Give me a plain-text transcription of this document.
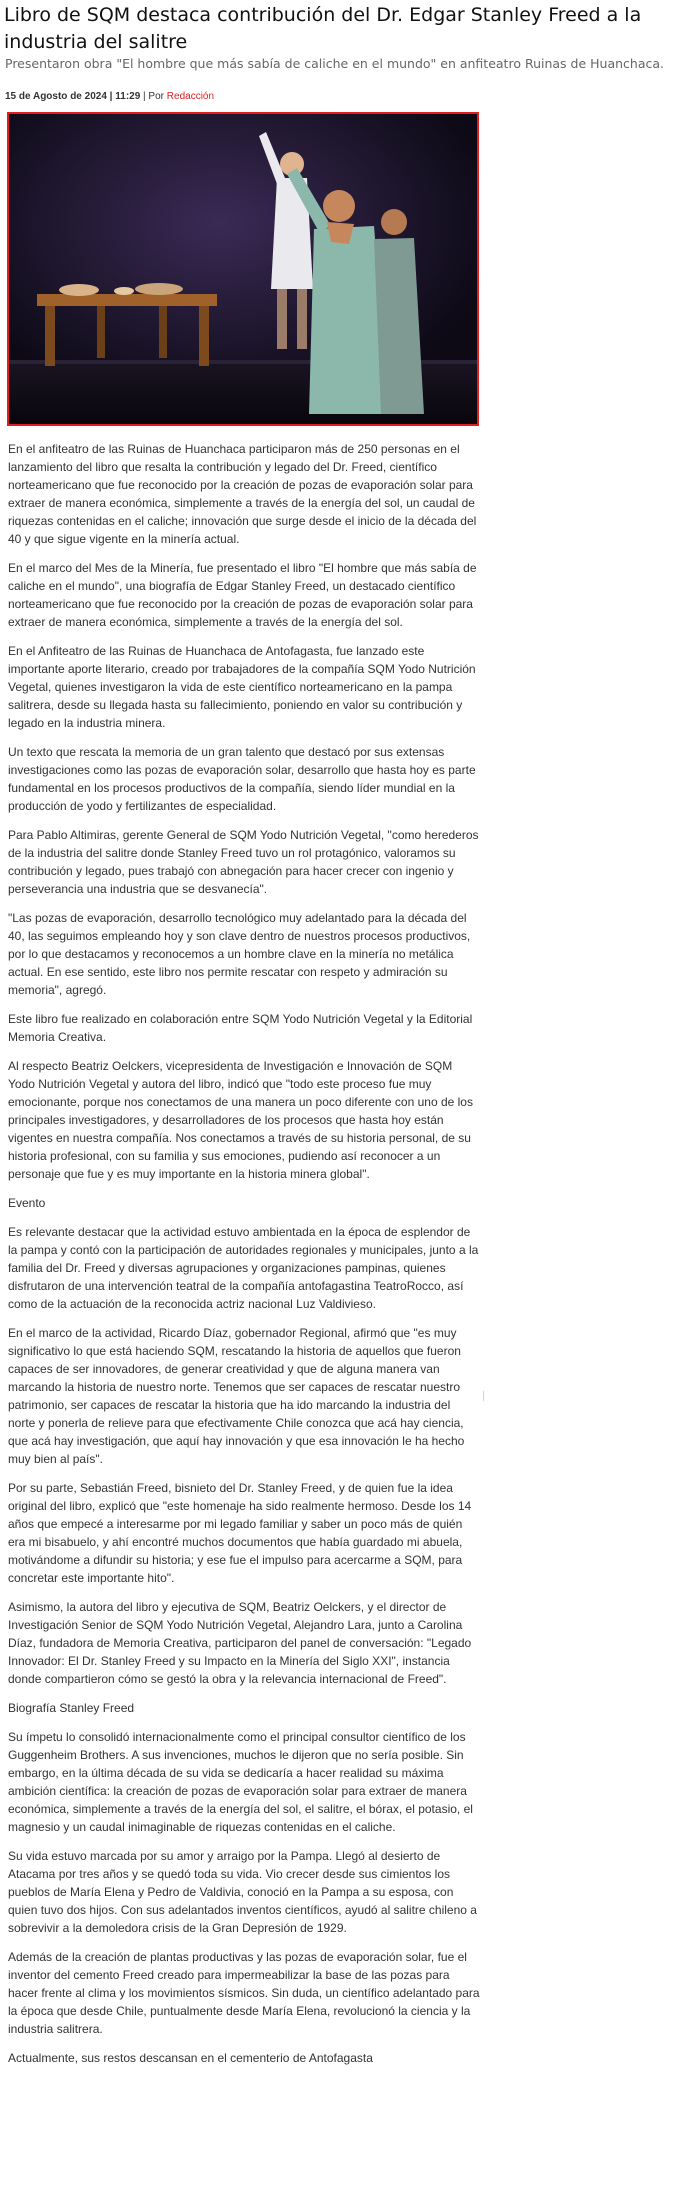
Libro de SQM destaca contribución del Dr. Edgar Stanley Freed a la industria del salitre
Presentaron obra "El hombre que más sabía de caliche en el mundo" en anfiteatro Ruinas de Huanchaca.
15 de Agosto de 2024 | 11:29 | Por Redacción

En el anfiteatro de las Ruinas de Huanchaca participaron más de 250 personas en el lanzamiento del libro que resalta la contribución y legado del Dr. Freed, científico norteamericano que fue reconocido por la creación de pozas de evaporación solar para extraer de manera económica, simplemente a través de la energía del sol, un caudal de riquezas contenidas en el caliche; innovación que surge desde el inicio de la década del 40 y que sigue vigente en la minería actual.

En el marco del Mes de la Minería, fue presentado el libro "El hombre que más sabía de caliche en el mundo", una biografía de Edgar Stanley Freed, un destacado científico norteamericano que fue reconocido por la creación de pozas de evaporación solar para extraer de manera económica, simplemente a través de la energía del sol.

En el Anfiteatro de las Ruinas de Huanchaca de Antofagasta, fue lanzado este importante aporte literario, creado por trabajadores de la compañía SQM Yodo Nutrición Vegetal, quienes investigaron la vida de este científico norteamericano en la pampa salitrera, desde su llegada hasta su fallecimiento, poniendo en valor su contribución y legado en la industria minera.

Un texto que rescata la memoria de un gran talento que destacó por sus extensas investigaciones como las pozas de evaporación solar, desarrollo que hasta hoy es parte fundamental en los procesos productivos de la compañía, siendo líder mundial en la producción de yodo y fertilizantes de especialidad.

Para Pablo Altimiras, gerente General de SQM Yodo Nutrición Vegetal, "como herederos de la industria del salitre donde Stanley Freed tuvo un rol protagónico, valoramos su contribución y legado, pues trabajó con abnegación para hacer crecer con ingenio y perseverancia una industria que se desvanecía".

"Las pozas de evaporación, desarrollo tecnológico muy adelantado para la década del 40, las seguimos empleando hoy y son clave dentro de nuestros procesos productivos, por lo que destacamos y reconocemos a un hombre clave en la minería no metálica actual. En ese sentido, este libro nos permite rescatar con respeto y admiración su memoria", agregó.

Este libro fue realizado en colaboración entre SQM Yodo Nutrición Vegetal y la Editorial Memoria Creativa.

Al respecto Beatriz Oelckers, vicepresidenta de Investigación e Innovación de SQM Yodo Nutrición Vegetal y autora del libro, indicó que "todo este proceso fue muy emocionante, porque nos conectamos de una manera un poco diferente con uno de los principales investigadores, y desarrolladores de los procesos que hasta hoy están vigentes en nuestra compañía. Nos conectamos a través de su historia personal, de su historia profesional, con su familia y sus emociones, pudiendo así reconocer a un personaje que fue y es muy importante en la historia minera global".

Evento

Es relevante destacar que la actividad estuvo ambientada en la época de esplendor de la pampa y contó con la participación de autoridades regionales y municipales, junto a la familia del Dr. Freed y diversas agrupaciones y organizaciones pampinas, quienes disfrutaron de una intervención teatral de la compañía antofagastina TeatroRocco, así como de la actuación de la reconocida actriz nacional Luz Valdivieso.

En el marco de la actividad, Ricardo Díaz, gobernador Regional, afirmó que "es muy significativo lo que está haciendo SQM, rescatando la historia de aquellos que fueron capaces de ser innovadores, de generar creatividad y que de alguna manera van marcando la historia de nuestro norte. Tenemos que ser capaces de rescatar nuestro patrimonio, ser capaces de rescatar la historia que ha ido marcando la industria del norte y ponerla de relieve para que efectivamente Chile conozca que acá hay ciencia, que acá hay investigación, que aquí hay innovación y que esa innovación le ha hecho muy bien al país".

Por su parte, Sebastián Freed, bisnieto del Dr. Stanley Freed, y de quien fue la idea original del libro, explicó que "este homenaje ha sido realmente hermoso. Desde los 14 años que empecé a interesarme por mi legado familiar y saber un poco más de quién era mi bisabuelo, y ahí encontré muchos documentos que había guardado mi abuela, motivándome a difundir su historia; y ese fue el impulso para acercarme a SQM, para concretar este importante hito".

Asimismo, la autora del libro y ejecutiva de SQM, Beatriz Oelckers, y el director de Investigación Senior de SQM Yodo Nutrición Vegetal, Alejandro Lara, junto a Carolina Díaz, fundadora de Memoria Creativa, participaron del panel de conversación: "Legado Innovador: El Dr. Stanley Freed y su Impacto en la Minería del Siglo XXI", instancia donde compartieron cómo se gestó la obra y la relevancia internacional de Freed".

Biografía Stanley Freed

Su ímpetu lo consolidó internacionalmente como el principal consultor científico de los Guggenheim Brothers. A sus invenciones, muchos le dijeron que no sería posible. Sin embargo, en la última década de su vida se dedicaría a hacer realidad su máxima ambición científica: la creación de pozas de evaporación solar para extraer de manera económica, simplemente a través de la energía del sol, el salitre, el bórax, el potasio, el magnesio y un caudal inimaginable de riquezas contenidas en el caliche.

Su vida estuvo marcada por su amor y arraigo por la Pampa. Llegó al desierto de Atacama por tres años y se quedó toda su vida. Vio crecer desde sus cimientos los pueblos de María Elena y Pedro de Valdivia, conoció en la Pampa a su esposa, con quien tuvo dos hijos. Con sus adelantados inventos científicos, ayudó al salitre chileno a sobrevivir a la demoledora crisis de la Gran Depresión de 1929.

Además de la creación de plantas productivas y las pozas de evaporación solar, fue el inventor del cemento Freed creado para impermeabilizar la base de las pozas para hacer frente al clima y los movimientos sísmicos. Sin duda, un científico adelantado para la época que desde Chile, puntualmente desde María Elena, revolucionó la ciencia y la industria salitrera.

Actualmente, sus restos descansan en el cementerio de Antofagasta
